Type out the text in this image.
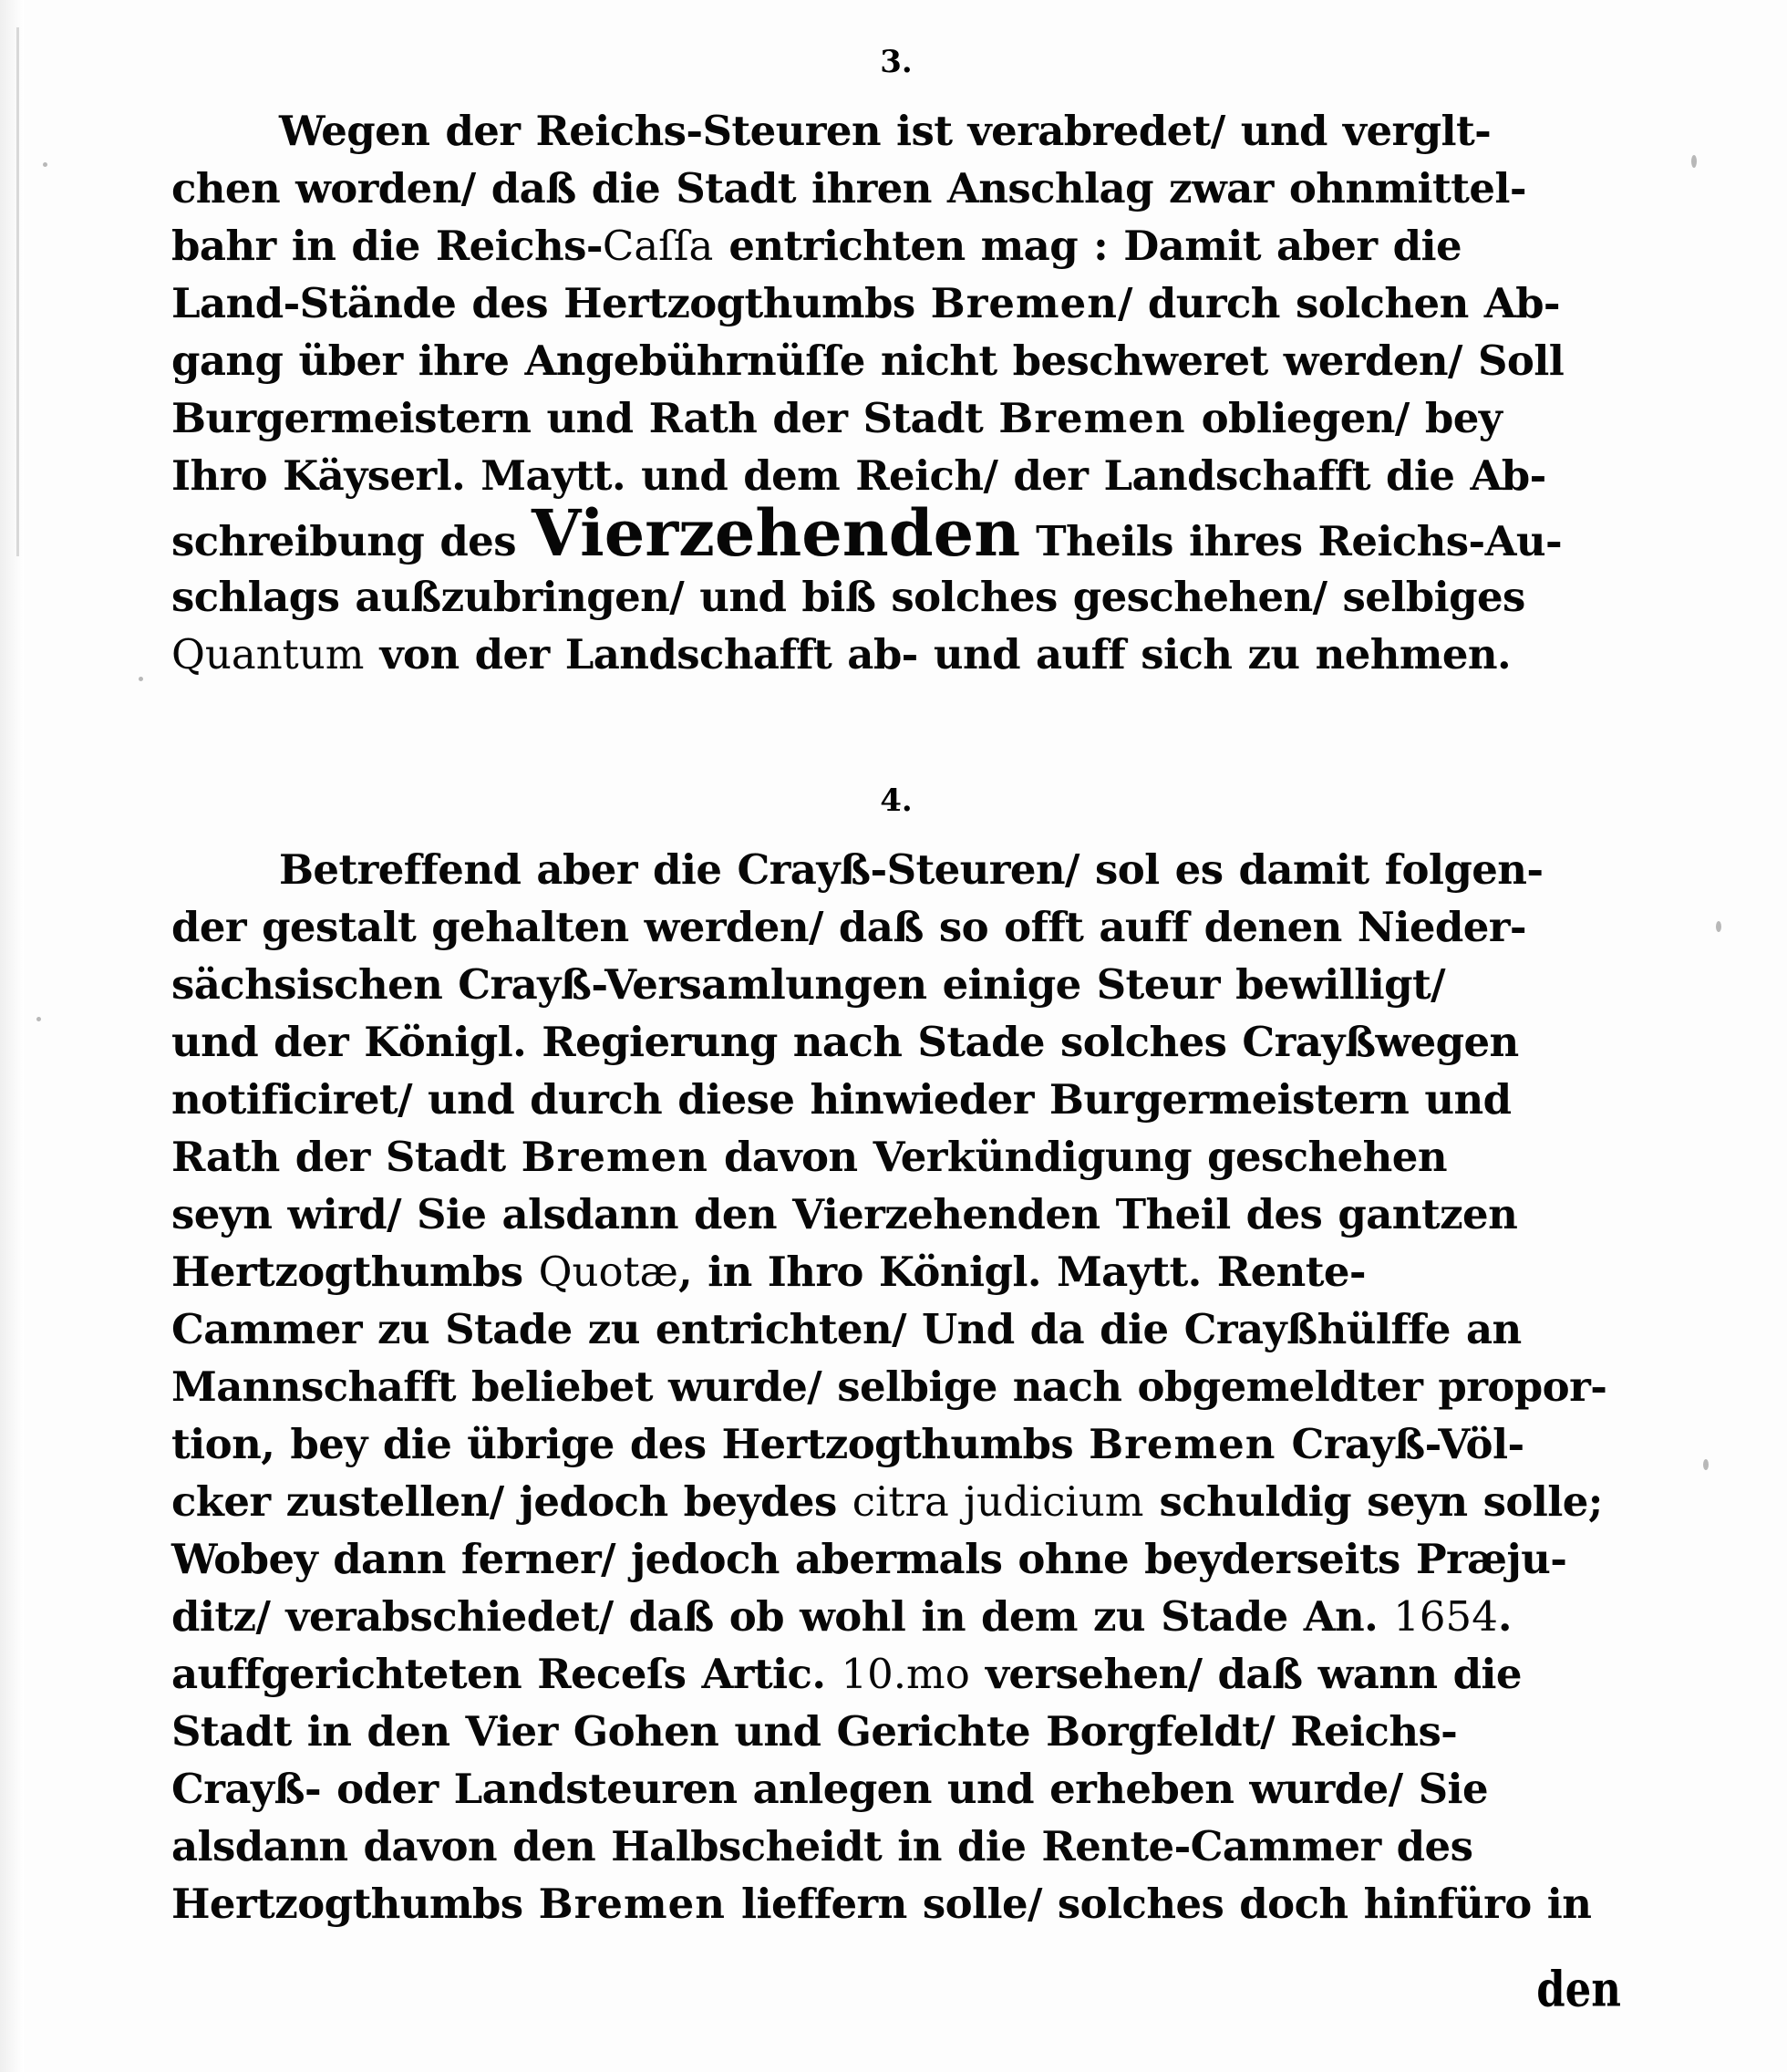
3.
Wegen der Reichs-Steuren ist verabredet/ und verglt-
chen worden/ daß die Stadt ihren Anschlag zwar ohnmittel-
bahr in die Reichs-Caſſa entrichten mag : Damit aber die
Land-Stände des Hertzogthumbs Bremen/ durch solchen Ab-
gang über ihre Angebührnüſſe nicht beschweret werden/ Soll
Burgermeistern und Rath der Stadt Bremen obliegen/ bey
Ihro Käyserl. Maytt. und dem Reich/ der Landschafft die Ab-
schreibung des Vierzehenden Theils ihres Reichs-Au-
schlags außzubringen/ und biß solches geschehen/ selbiges
Quantum von der Landschafft ab- und auff sich zu nehmen.
4.
Betreffend aber die Crayß-Steuren/ sol es damit folgen-
der gestalt gehalten werden/ daß so offt auff denen Nieder-
sächsischen Crayß-Versamlungen einige Steur bewilligt/
und der Königl. Regierung nach Stade solches Crayßwegen
notificiret/ und durch diese hinwieder Burgermeistern und
Rath der Stadt Bremen davon Verkündigung geschehen
seyn wird/ Sie alsdann den Vierzehenden Theil des gantzen
Hertzogthumbs Quotæ, in Ihro Königl. Maytt. Rente-
Cammer zu Stade zu entrichten/ Und da die Crayßhülffe an
Mannschafft beliebet wurde/ selbige nach obgemeldter propor-
tion, bey die übrige des Hertzogthumbs Bremen Crayß-Völ-
cker zustellen/ jedoch beydes citra judicium schuldig seyn solle;
Wobey dann ferner/ jedoch abermals ohne beyderseits Præju-
ditz/ verabschiedet/ daß ob wohl in dem zu Stade An. 1654.
auffgerichteten Receſs Artic. 10.mo versehen/ daß wann die
Stadt in den Vier Gohen und Gerichte Borgfeldt/ Reichs-
Crayß- oder Landsteuren anlegen und erheben wurde/ Sie
alsdann davon den Halbscheidt in die Rente-Cammer des
Hertzogthumbs Bremen lieffern solle/ solches doch hinfüro in
den
